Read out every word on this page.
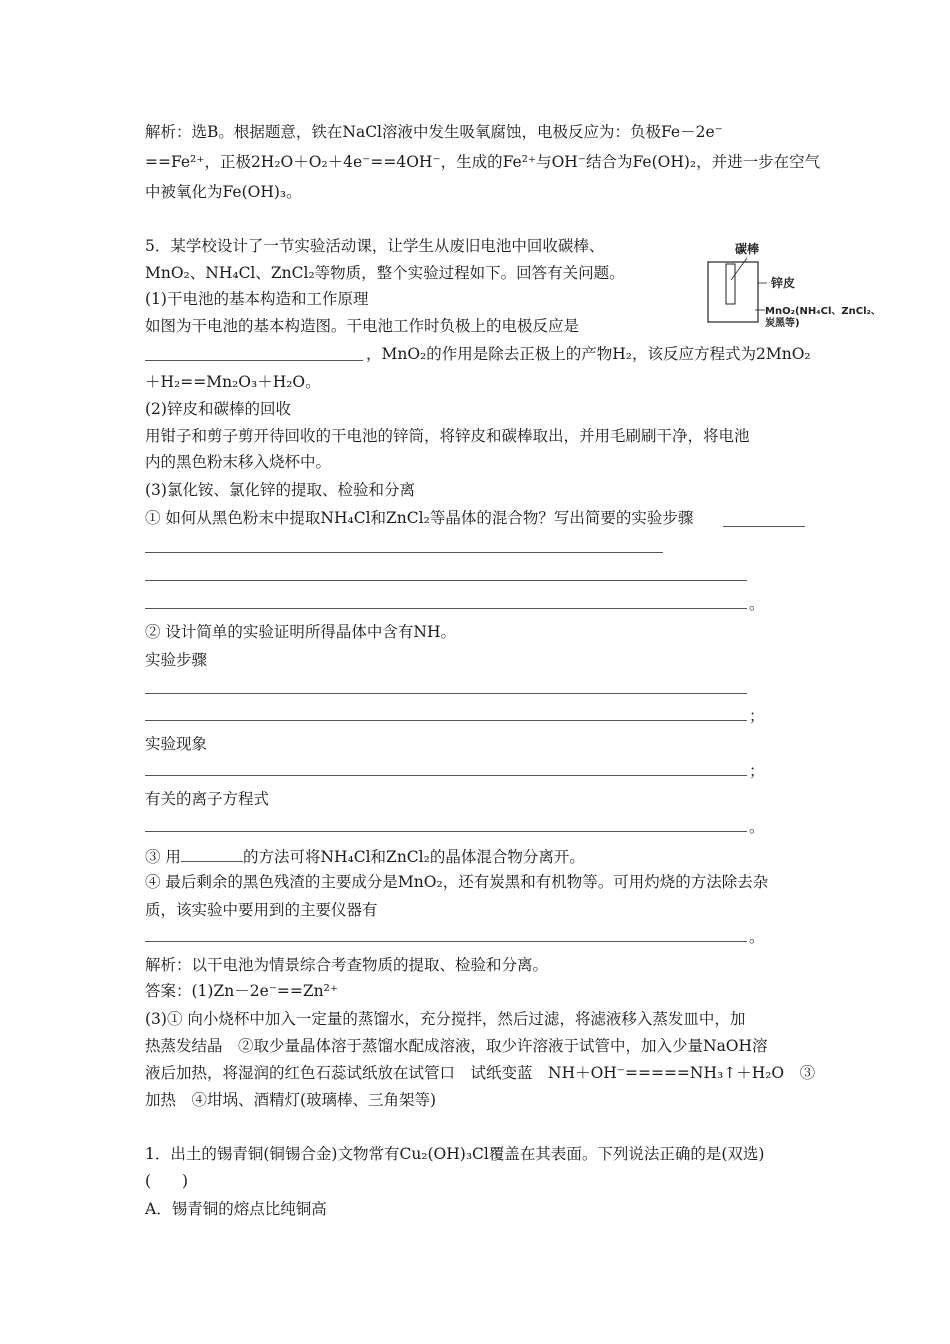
解析：选B。根据题意，铁在NaCl溶液中发生吸氧腐蚀，电极反应为：负极Fe－2e⁻
==Fe²⁺，正极2H₂O＋O₂＋4e⁻==4OH⁻，生成的Fe²⁺与OH⁻结合为Fe(OH)₂，并进一步在空气
中被氧化为Fe(OH)₃。
5．某学校设计了一节实验活动课，让学生从废旧电池中回收碳棒、
MnO₂、NH₄Cl、ZnCl₂等物质，整个实验过程如下。回答有关问题。
(1)干电池的基本构造和工作原理
如图为干电池的基本构造图。干电池工作时负极上的电极反应是
，MnO₂的作用是除去正极上的产物H₂，该反应方程式为2MnO₂
＋H₂==Mn₂O₃＋H₂O。
(2)锌皮和碳棒的回收
用钳子和剪子剪开待回收的干电池的锌筒，将锌皮和碳棒取出，并用毛刷刷干净，将电池
内的黑色粉末移入烧杯中。
(3)氯化铵、氯化锌的提取、检验和分离
① 如何从黑色粉末中提取NH₄Cl和ZnCl₂等晶体的混合物？写出简要的实验步骤
。
② 设计简单的实验证明所得晶体中含有NH。
实验步骤
；
实验现象
；
有关的离子方程式
。
③ 用	的方法可将NH₄Cl和ZnCl₂的晶体混合物分离开。
④ 最后剩余的黑色残渣的主要成分是MnO₂，还有炭黑和有机物等。可用灼烧的方法除去杂
质，该实验中要用到的主要仪器有
。
解析：以干电池为情景综合考查物质的提取、检验和分离。
答案：(1)Zn－2e⁻==Zn²⁺
(3)① 向小烧杯中加入一定量的蒸馏水，充分搅拌，然后过滤，将滤液移入蒸发皿中，加
热蒸发结晶　②取少量晶体溶于蒸馏水配成溶液，取少许溶液于试管中，加入少量NaOH溶
液后加热，将湿润的红色石蕊试纸放在试管口　试纸变蓝　NH＋OH⁻=====NH₃↑＋H₂O　③
加热　④坩埚、酒精灯(玻璃棒、三角架等)
1．出土的锡青铜(铜锡合金)文物常有Cu₂(OH)₃Cl覆盖在其表面。下列说法正确的是(双选)
(　　)
A．锡青铜的熔点比纯铜高
碳棒
锌皮
MnO₂(NH₄Cl、ZnCl₂、
炭黑等)
